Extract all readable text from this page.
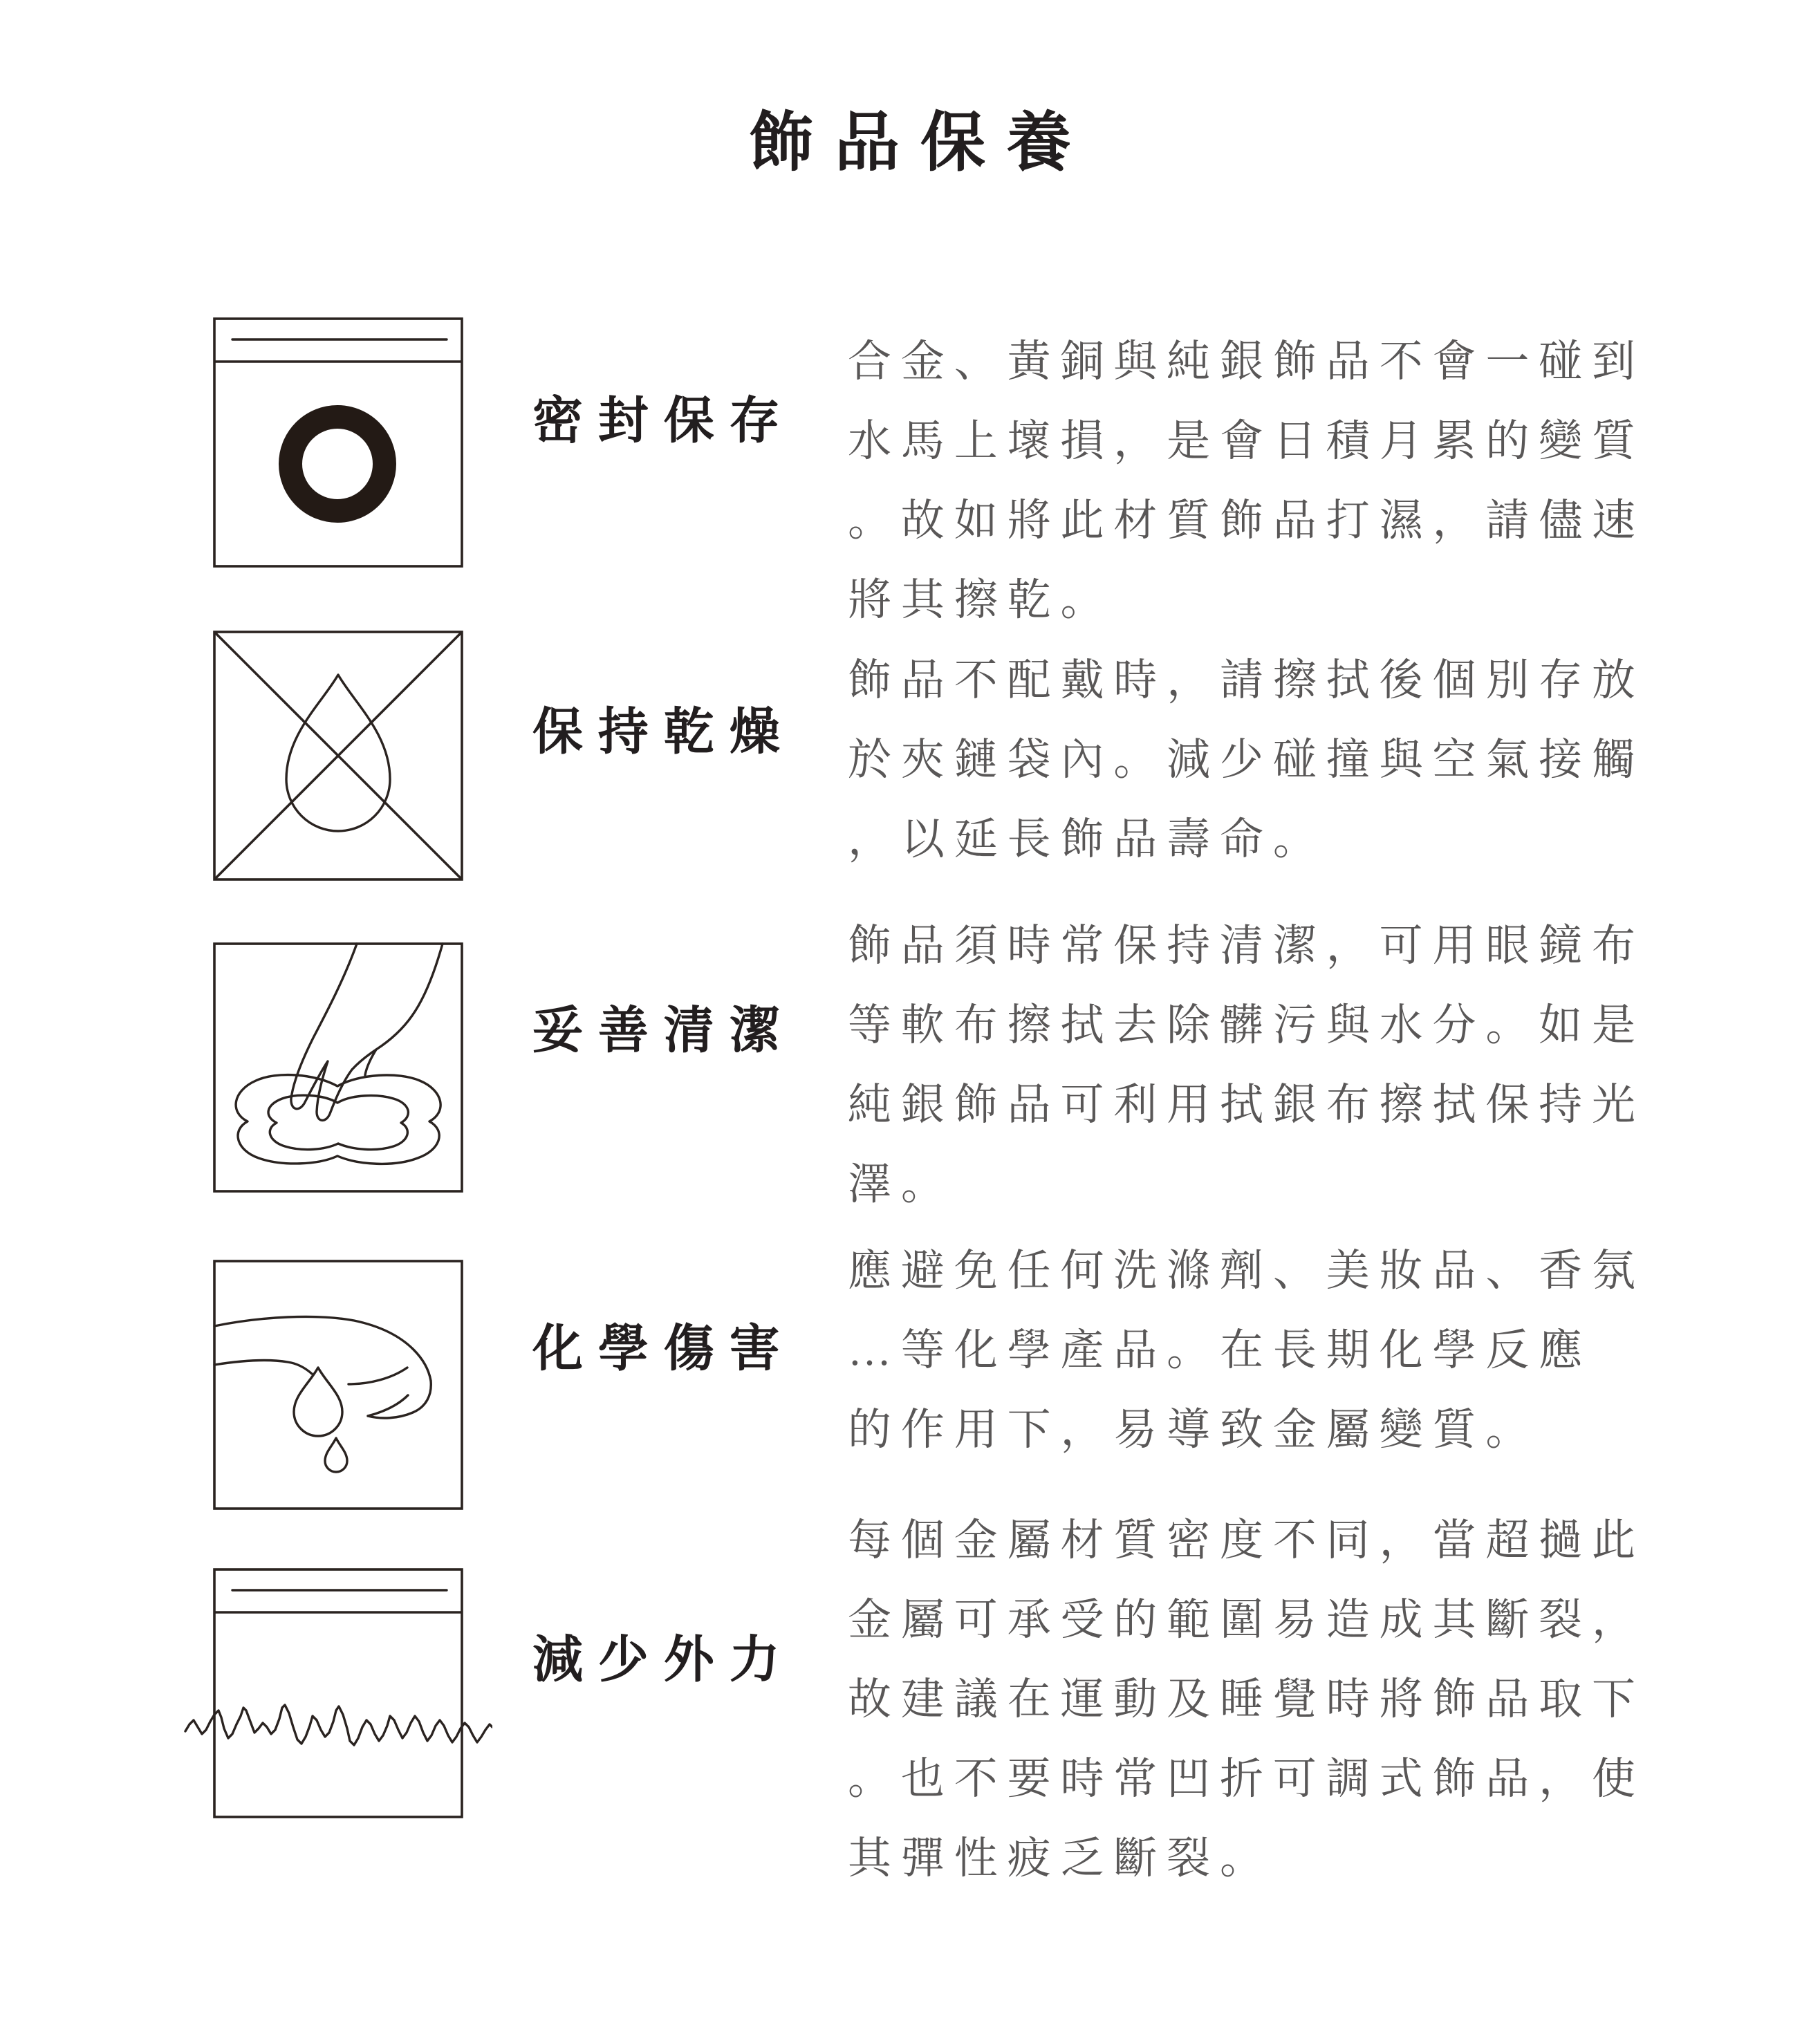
飾品保養
密封保存
合金、黃銅與純銀飾品不會一碰到
水馬上壞損，是會日積月累的變質
。故如將此材質飾品打濕，請儘速
將其擦乾。
保持乾燥
飾品不配戴時，請擦拭後個別存放
於夾鏈袋內。減少碰撞與空氣接觸
，以延長飾品壽命。
妥善清潔
飾品須時常保持清潔，可用眼鏡布
等軟布擦拭去除髒污與水分。如是
純銀飾品可利用拭銀布擦拭保持光
澤。
化學傷害
應避免任何洗滌劑、美妝品、香氛
…等化學產品。在長期化學反應
的作用下，易導致金屬變質。
減少外力
每個金屬材質密度不同，當超撾此
金屬可承受的範圍易造成其斷裂，
故建議在運動及睡覺時將飾品取下
。也不要時常凹折可調式飾品，使
其彈性疲乏斷裂。
